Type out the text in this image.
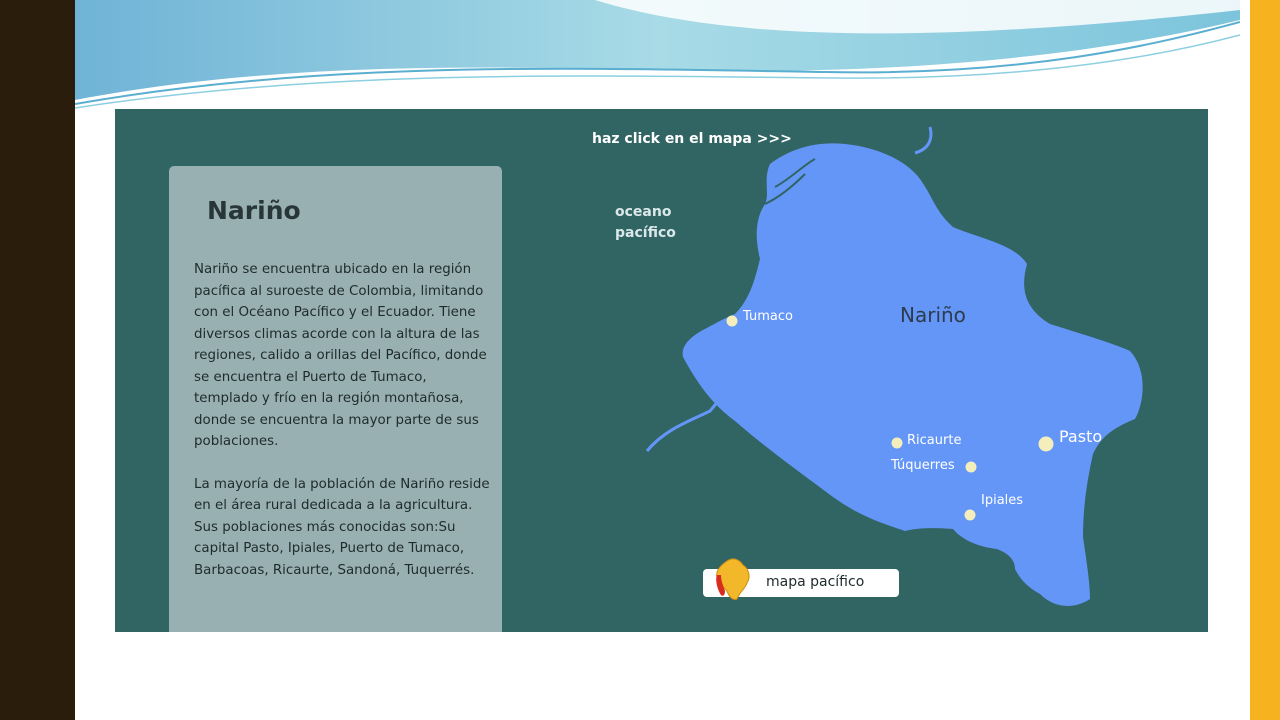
Nariño
Tumaco
Ricaurte
Túquerres
Ipiales
Pasto
Nariño

Nariño se encuentra ubicado en la región pacífica al suroeste de Colombia, limitando con el Océano Pacífico y el Ecuador. Tiene diversos climas acorde con la altura de las regiones, calido a orillas del Pacífico, donde se encuentra el Puerto de Tumaco, templado y frío en la región montañosa, donde se encuentra la mayor parte de sus poblaciones.

La mayoría de la población de Nariño reside en el área rural dedicada a la agricultura. Sus poblaciones más conocidas son:Su capital Pasto, Ipiales, Puerto de Tumaco, Barbacoas, Ricaurte, Sandoná, Tuquerrés.

haz click en el mapa >>>
oceano
pacífico
mapa pacífico
